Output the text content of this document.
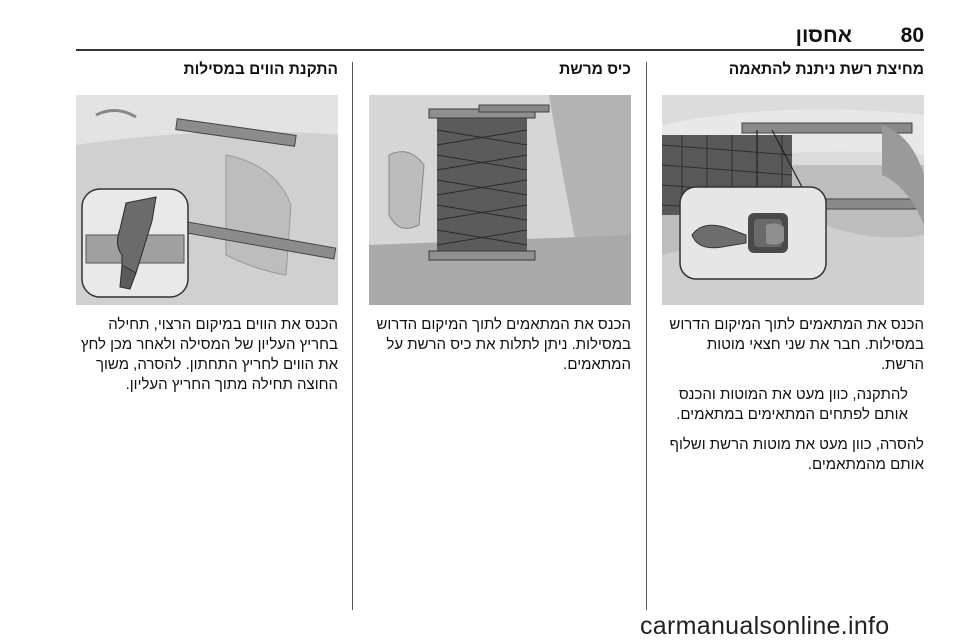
אחסון 80
מחיצת רשת ניתנת להתאמה

הכנס את המתאמים לתוך המיקום הדרוש במסילות. חבר את שני חצאי מוטות הרשת.

להתקנה, כוון מעט את המוטות והכנס אותם לפתחים המתאימים במתאמים.

להסרה, כוון מעט את מוטות הרשת ושלוף אותם מהמתאמים.

כיס מרשת

הכנס את המתאמים לתוך המיקום הדרוש במסילות. ניתן לתלות את כיס הרשת על המתאמים.

התקנת הווים במסילות

הכנס את הווים במיקום הרצוי, תחילה בחריץ העליון של המסילה ולאחר מכן לחץ את הווים לחריץ התחתון. להסרה, משוך החוצה תחילה מתוך החריץ העליון.

carmanualsonline.info
